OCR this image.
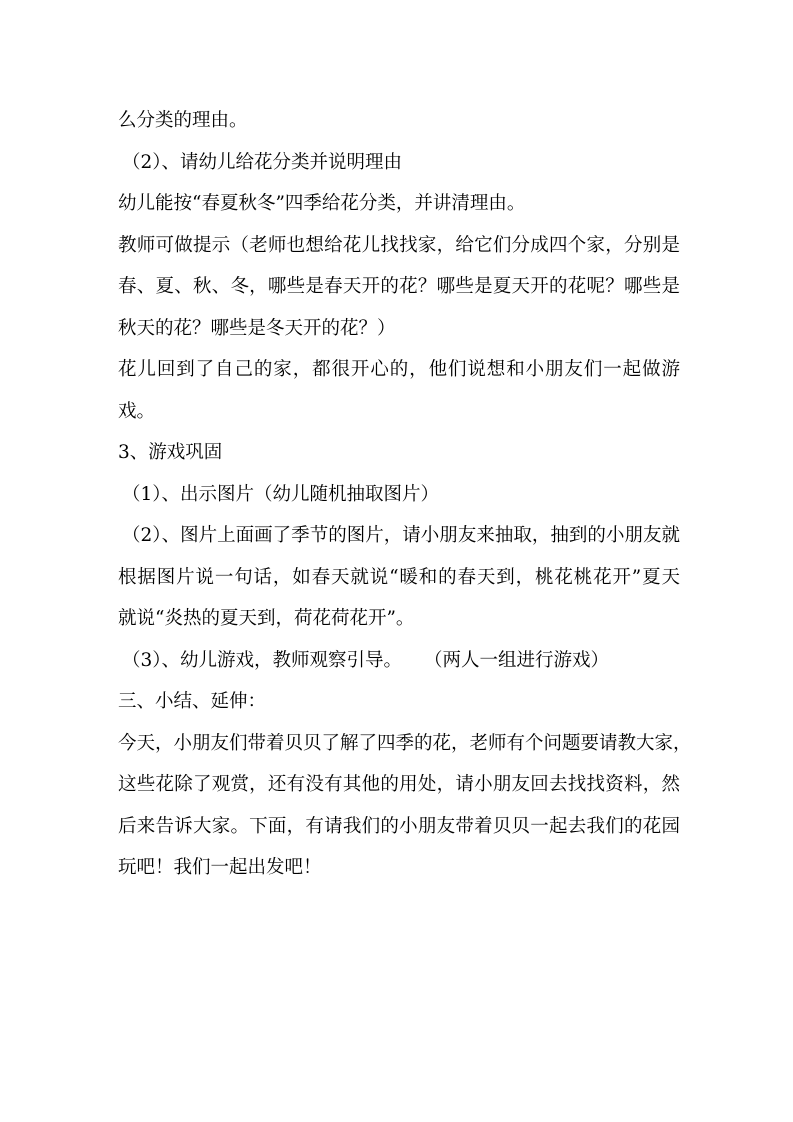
么分类的理由。
（2）、请幼儿给花分类并说明理由
幼儿能按“春夏秋冬”四季给花分类，并讲清理由。
教师可做提示（老师也想给花儿找找家，给它们分成四个家，分别是
春、夏、秋、冬，哪些是春天开的花？哪些是夏天开的花呢？哪些是
秋天的花？哪些是冬天开的花？）
花儿回到了自己的家，都很开心的，他们说想和小朋友们一起做游
戏。
3、游戏巩固
（1）、出示图片（幼儿随机抽取图片）
（2）、图片上面画了季节的图片，请小朋友来抽取，抽到的小朋友就
根据图片说一句话，如春天就说“暖和的春天到，桃花桃花开”夏天
就说“炎热的夏天到，荷花荷花开”。
（3）、幼儿游戏，教师观察引导。 （两人一组进行游戏）
三、小结、延伸：
今天，小朋友们带着贝贝了解了四季的花，老师有个问题要请教大家，
这些花除了观赏，还有没有其他的用处，请小朋友回去找找资料，然
后来告诉大家。下面，有请我们的小朋友带着贝贝一起去我们的花园
玩吧！我们一起出发吧！
